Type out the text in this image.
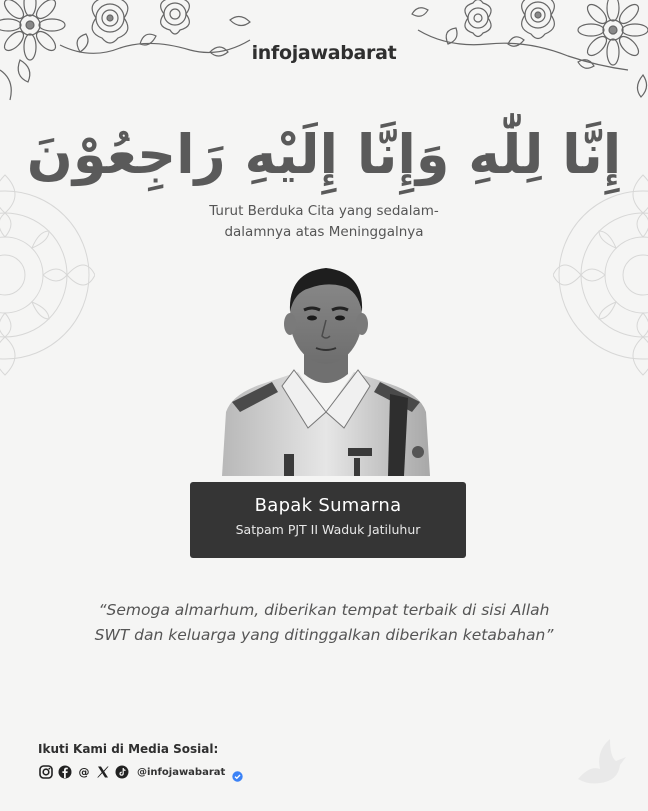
infojawabarat
إِنَّا لِلّٰهِ وَإِنَّا إِلَيْهِ رَاجِعُوْنَ
Turut Berduka Cita yang sedalam-
dalamnya atas Meninggalnya
Bapak Sumarna
Satpam PJT II Waduk Jatiluhur
“Semoga almarhum, diberikan tempat terbaik di sisi Allah
SWT dan keluarga yang ditinggalkan diberikan ketabahan”
Ikuti Kami di Media Sosial:
@	@infojawabarat
